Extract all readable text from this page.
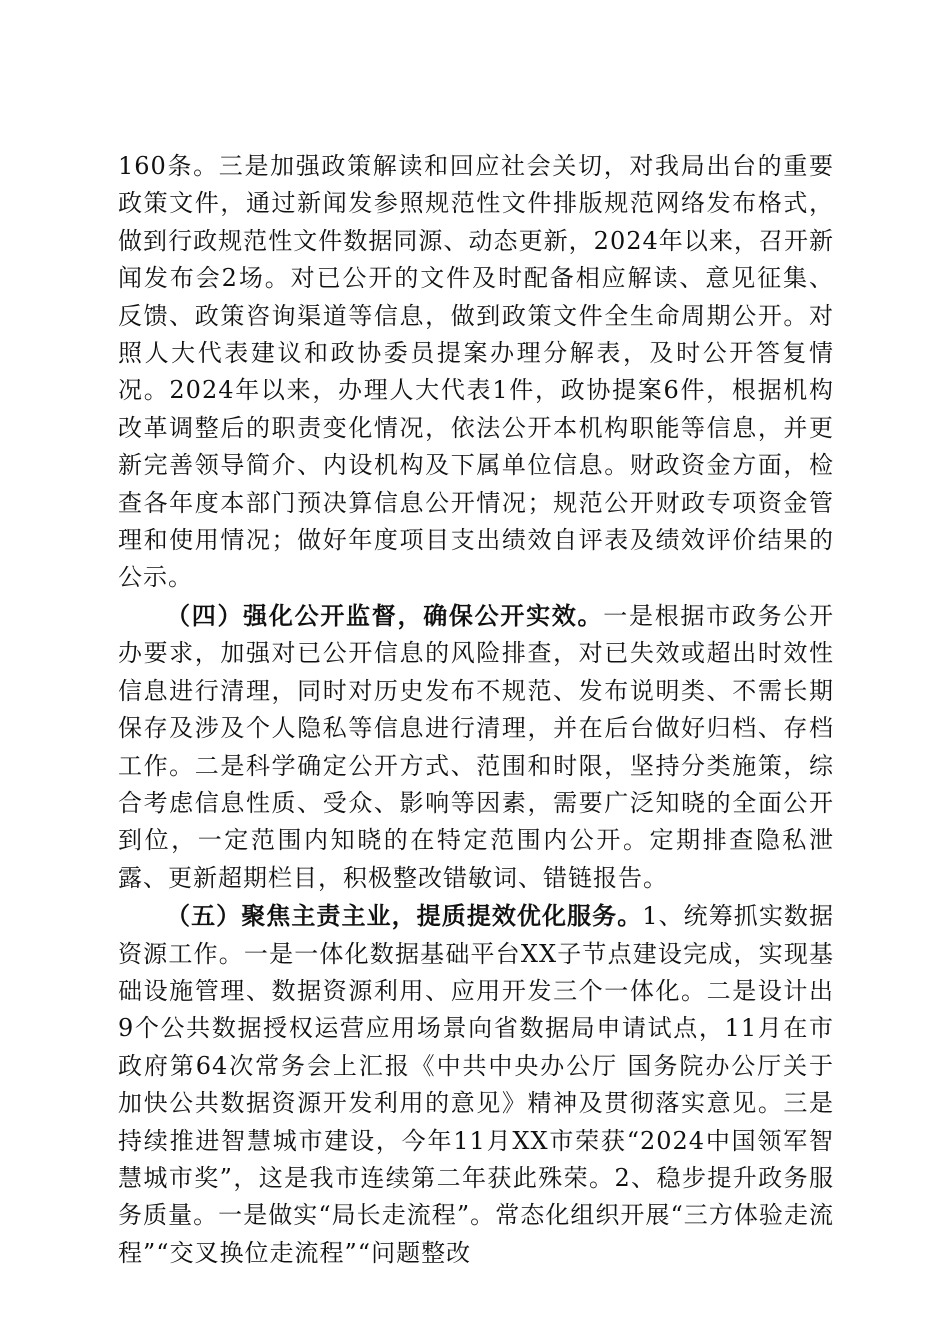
160条。三是加强政策解读和回应社会关切，对我局出台的重要政策文件，通过新闻发参照规范性文件排版规范网络发布格式，做到行政规范性文件数据同源、动态更新，2024年以来，召开新闻发布会2场。对已公开的文件及时配备相应解读、意见征集、反馈、政策咨询渠道等信息，做到政策文件全生命周期公开。对照人大代表建议和政协委员提案办理分解表，及时公开答复情况。2024年以来，办理人大代表1件，政协提案6件，根据机构改革调整后的职责变化情况，依法公开本机构职能等信息，并更新完善领导简介、内设机构及下属单位信息。财政资金方面，检查各年度本部门预决算信息公开情况；规范公开财政专项资金管理和使用情况；做好年度项目支出绩效自评表及绩效评价结果的公示。

（四）强化公开监督，确保公开实效。一是根据市政务公开办要求，加强对已公开信息的风险排查，对已失效或超出时效性信息进行清理，同时对历史发布不规范、发布说明类、不需长期保存及涉及个人隐私等信息进行清理，并在后台做好归档、存档工作。二是科学确定公开方式、范围和时限，坚持分类施策，综合考虑信息性质、受众、影响等因素，需要广泛知晓的全面公开到位，一定范围内知晓的在特定范围内公开。定期排查隐私泄露、更新超期栏目，积极整改错敏词、错链报告。

（五）聚焦主责主业，提质提效优化服务。1、统筹抓实数据资源工作。一是一体化数据基础平台XX子节点建设完成，实现基础设施管理、数据资源利用、应用开发三个一体化。二是设计出9个公共数据授权运营应用场景向省数据局申请试点，11月在市政府第64次常务会上汇报《中共中央办公厅 国务院办公厅关于加快公共数据资源开发利用的意见》精神及贯彻落实意见。三是持续推进智慧城市建设，今年11月XX市荣获“2024中国领军智慧城市奖”，这是我市连续第二年获此殊荣。2、稳步提升政务服务质量。一是做实“局长走流程”。常态化组织开展“三方体验走流程”“交叉换位走流程”“问题整改
